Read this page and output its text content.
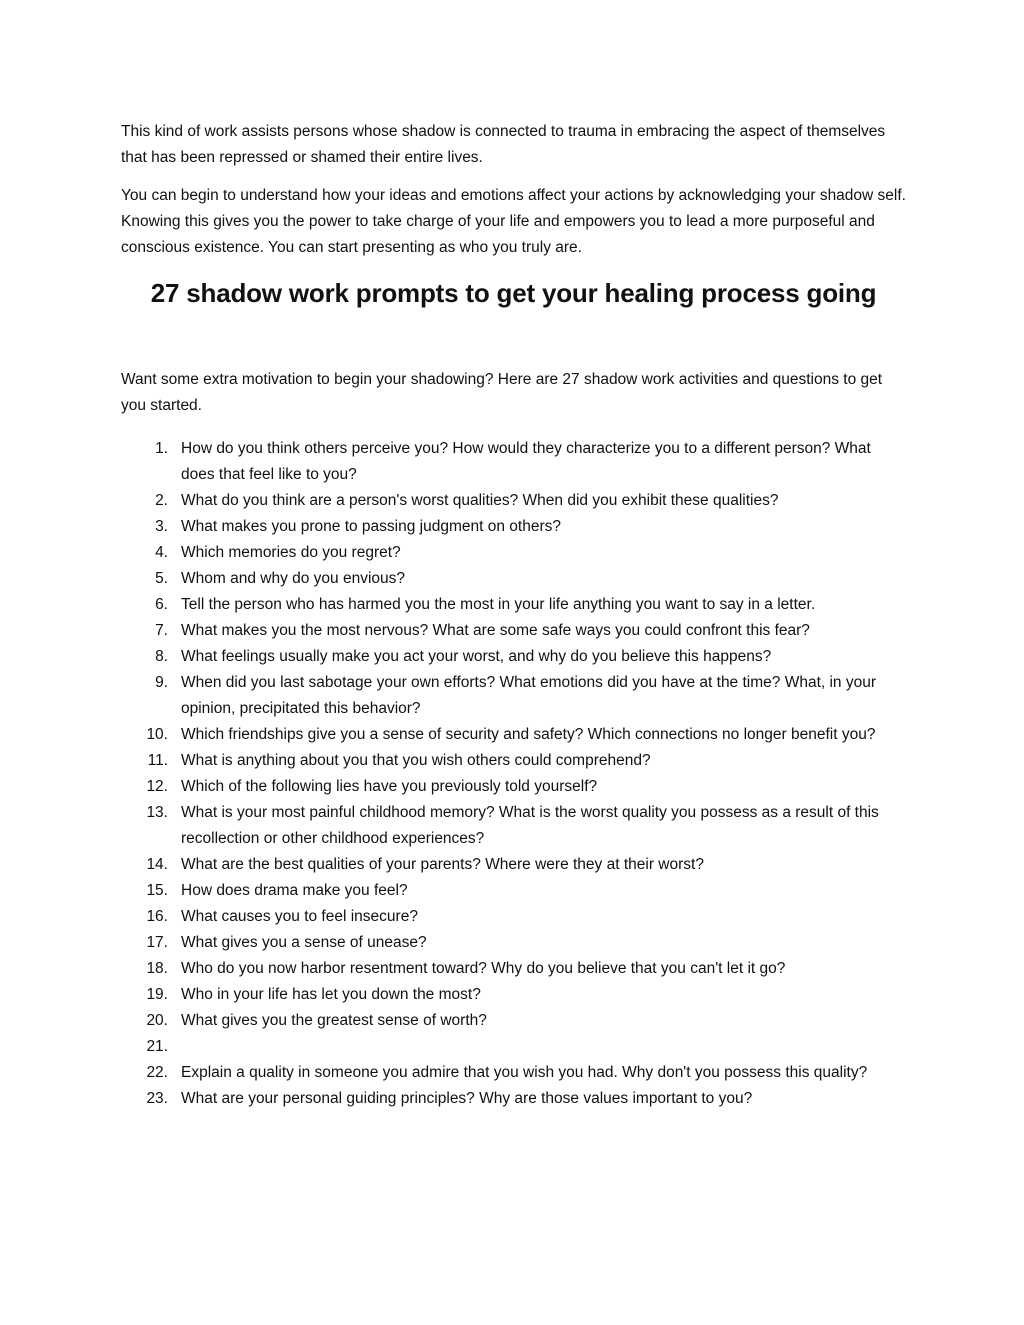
This kind of work assists persons whose shadow is connected to trauma in embracing the aspect of themselves that has been repressed or shamed their entire lives.

You can begin to understand how your ideas and emotions affect your actions by acknowledging your shadow self. Knowing this gives you the power to take charge of your life and empowers you to lead a more purposeful and conscious existence. You can start presenting as who you truly are.

27 shadow work prompts to get your healing process going

Want some extra motivation to begin your shadowing? Here are 27 shadow work activities and questions to get you started.

1. How do you think others perceive you? How would they characterize you to a different person? What does that feel like to you?
2. What do you think are a person's worst qualities? When did you exhibit these qualities?
3. What makes you prone to passing judgment on others?
4. Which memories do you regret?
5. Whom and why do you envious?
6. Tell the person who has harmed you the most in your life anything you want to say in a letter.
7. What makes you the most nervous? What are some safe ways you could confront this fear?
8. What feelings usually make you act your worst, and why do you believe this happens?
9. When did you last sabotage your own efforts? What emotions did you have at the time? What, in your opinion, precipitated this behavior?
10. Which friendships give you a sense of security and safety? Which connections no longer benefit you?
11. What is anything about you that you wish others could comprehend?
12. Which of the following lies have you previously told yourself?
13. What is your most painful childhood memory? What is the worst quality you possess as a result of this recollection or other childhood experiences?
14. What are the best qualities of your parents? Where were they at their worst?
15. How does drama make you feel?
16. What causes you to feel insecure?
17. What gives you a sense of unease?
18. Who do you now harbor resentment toward? Why do you believe that you can't let it go?
19. Who in your life has let you down the most?
20. What gives you the greatest sense of worth?
21.
22. Explain a quality in someone you admire that you wish you had. Why don't you possess this quality?
23. What are your personal guiding principles? Why are those values important to you?
